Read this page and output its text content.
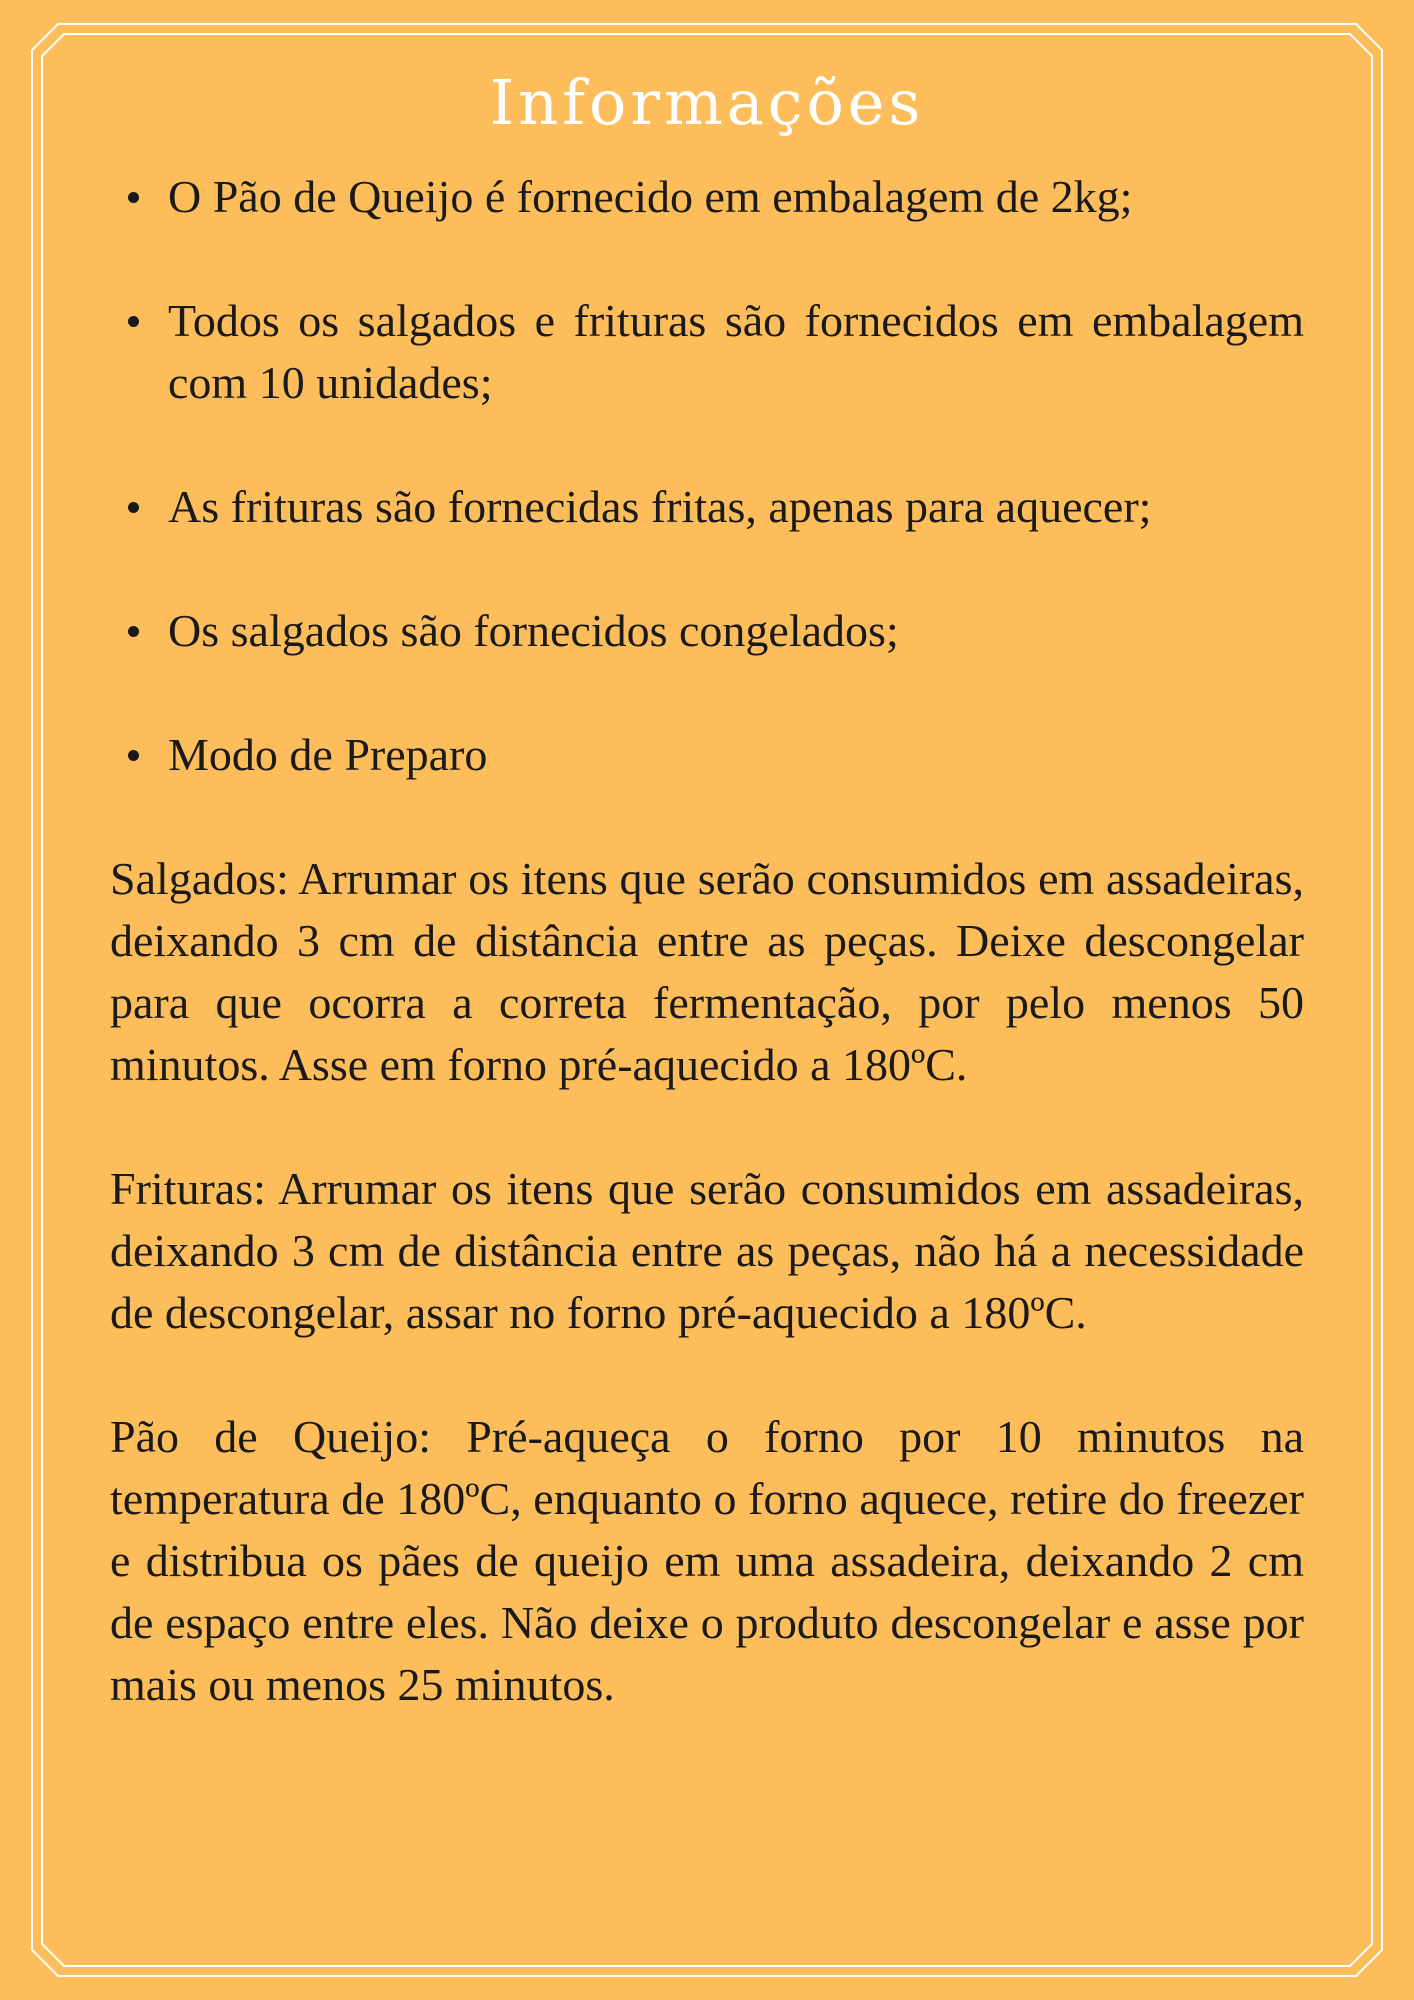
Informações
O Pão de Queijo é fornecido em embalagem de 2kg;
Todos os salgados e frituras são fornecidos em embalagem com 10 unidades;
As frituras são fornecidas fritas, apenas para aquecer;
Os salgados são fornecidos congelados;
Modo de Preparo

Salgados: Arrumar os itens que serão consumidos em assadeiras, deixando 3 cm de distância entre as peças. Deixe descongelar para que ocorra a correta fermentação, por pelo menos 50 minutos. Asse em forno pré-aquecido a 180ºC.

Frituras: Arrumar os itens que serão consumidos em assadeiras, deixando 3 cm de distância entre as peças, não há a necessidade de descongelar, assar no forno pré-aquecido a 180ºC.

Pão de Queijo: Pré-aqueça o forno por 10 minutos na temperatura de 180ºC, enquanto o forno aquece, retire do freezer e distribua os pães de queijo em uma assadeira, deixando 2 cm de espaço entre eles. Não deixe o produto descongelar e asse por mais ou menos 25 minutos.
